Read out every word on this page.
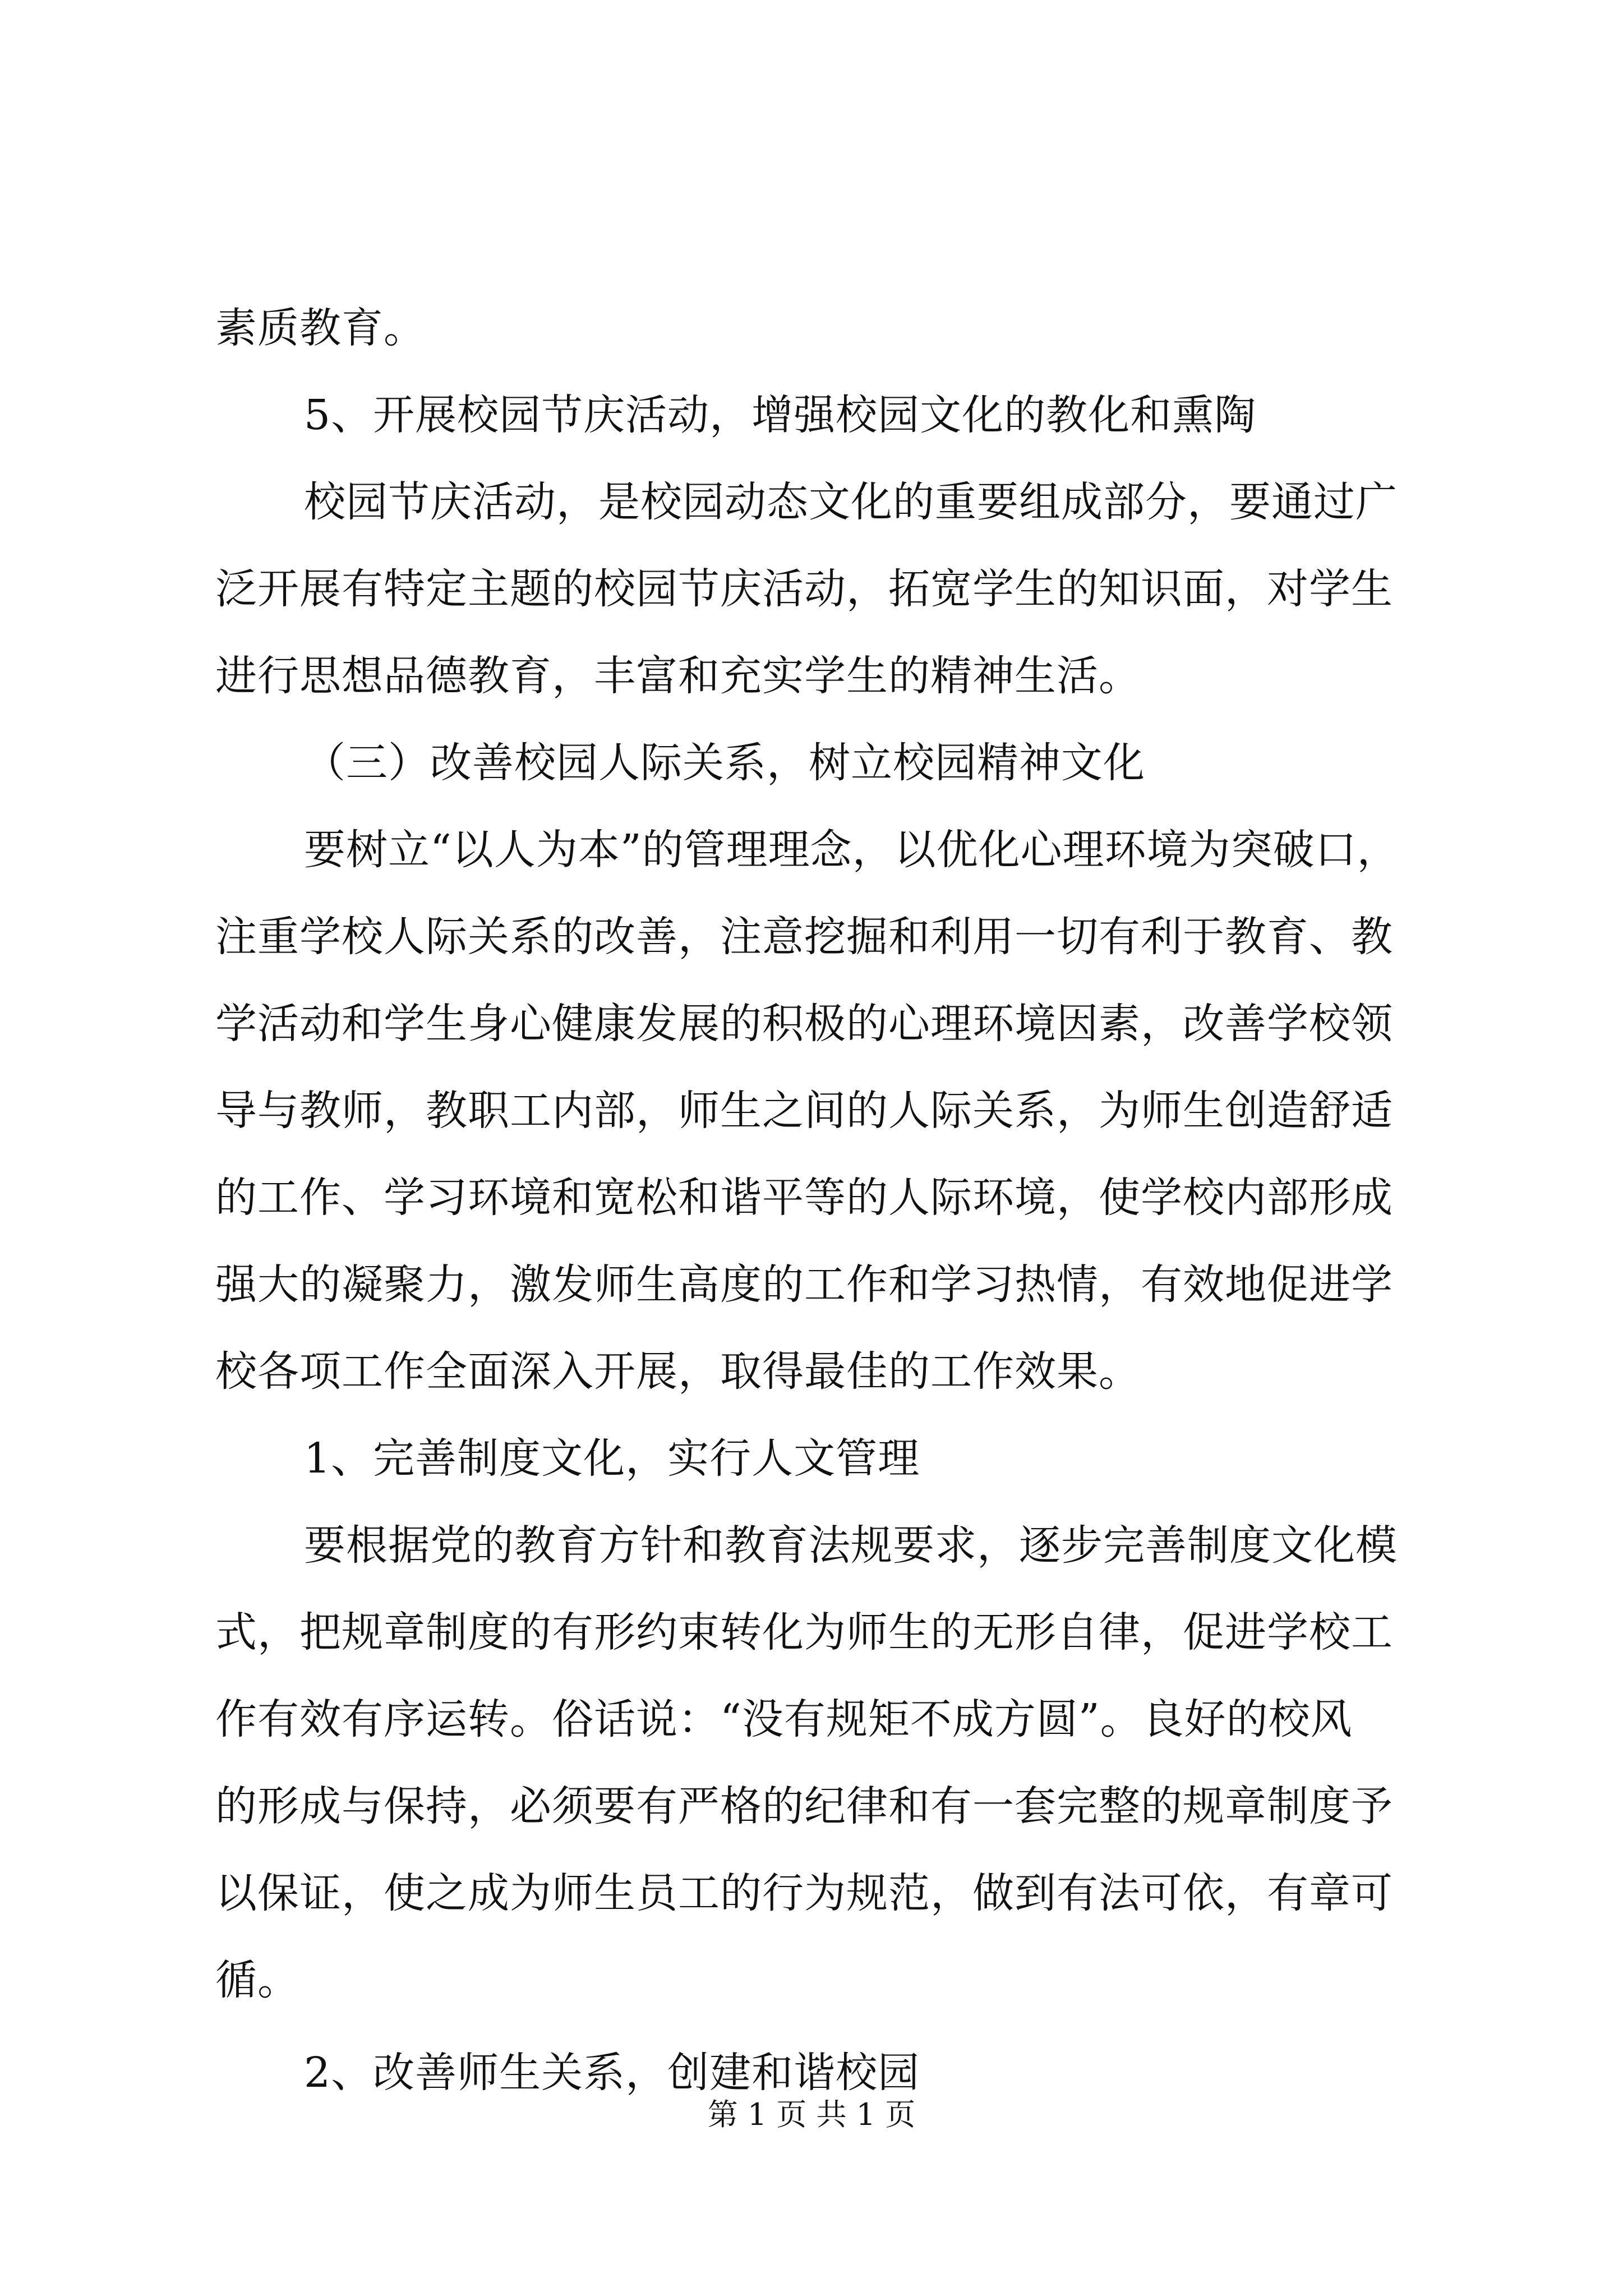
素质教育。
5、开展校园节庆活动，增强校园文化的教化和熏陶
校园节庆活动，是校园动态文化的重要组成部分，要通过广
泛开展有特定主题的校园节庆活动，拓宽学生的知识面，对学生
进行思想品德教育，丰富和充实学生的精神生活。
（三）改善校园人际关系，树立校园精神文化
要树立“以人为本”的管理理念，以优化心理环境为突破口，
注重学校人际关系的改善，注意挖掘和利用一切有利于教育、教
学活动和学生身心健康发展的积极的心理环境因素，改善学校领
导与教师，教职工内部，师生之间的人际关系，为师生创造舒适
的工作、学习环境和宽松和谐平等的人际环境，使学校内部形成
强大的凝聚力，激发师生高度的工作和学习热情，有效地促进学
校各项工作全面深入开展，取得最佳的工作效果。
1、完善制度文化，实行人文管理
要根据党的教育方针和教育法规要求，逐步完善制度文化模
式，把规章制度的有形约束转化为师生的无形自律，促进学校工
作有效有序运转。俗话说：“没有规矩不成方圆”。良好的校风
的形成与保持，必须要有严格的纪律和有一套完整的规章制度予
以保证，使之成为师生员工的行为规范，做到有法可依，有章可
循。
2、改善师生关系，创建和谐校园
第 1 页 共 1 页
